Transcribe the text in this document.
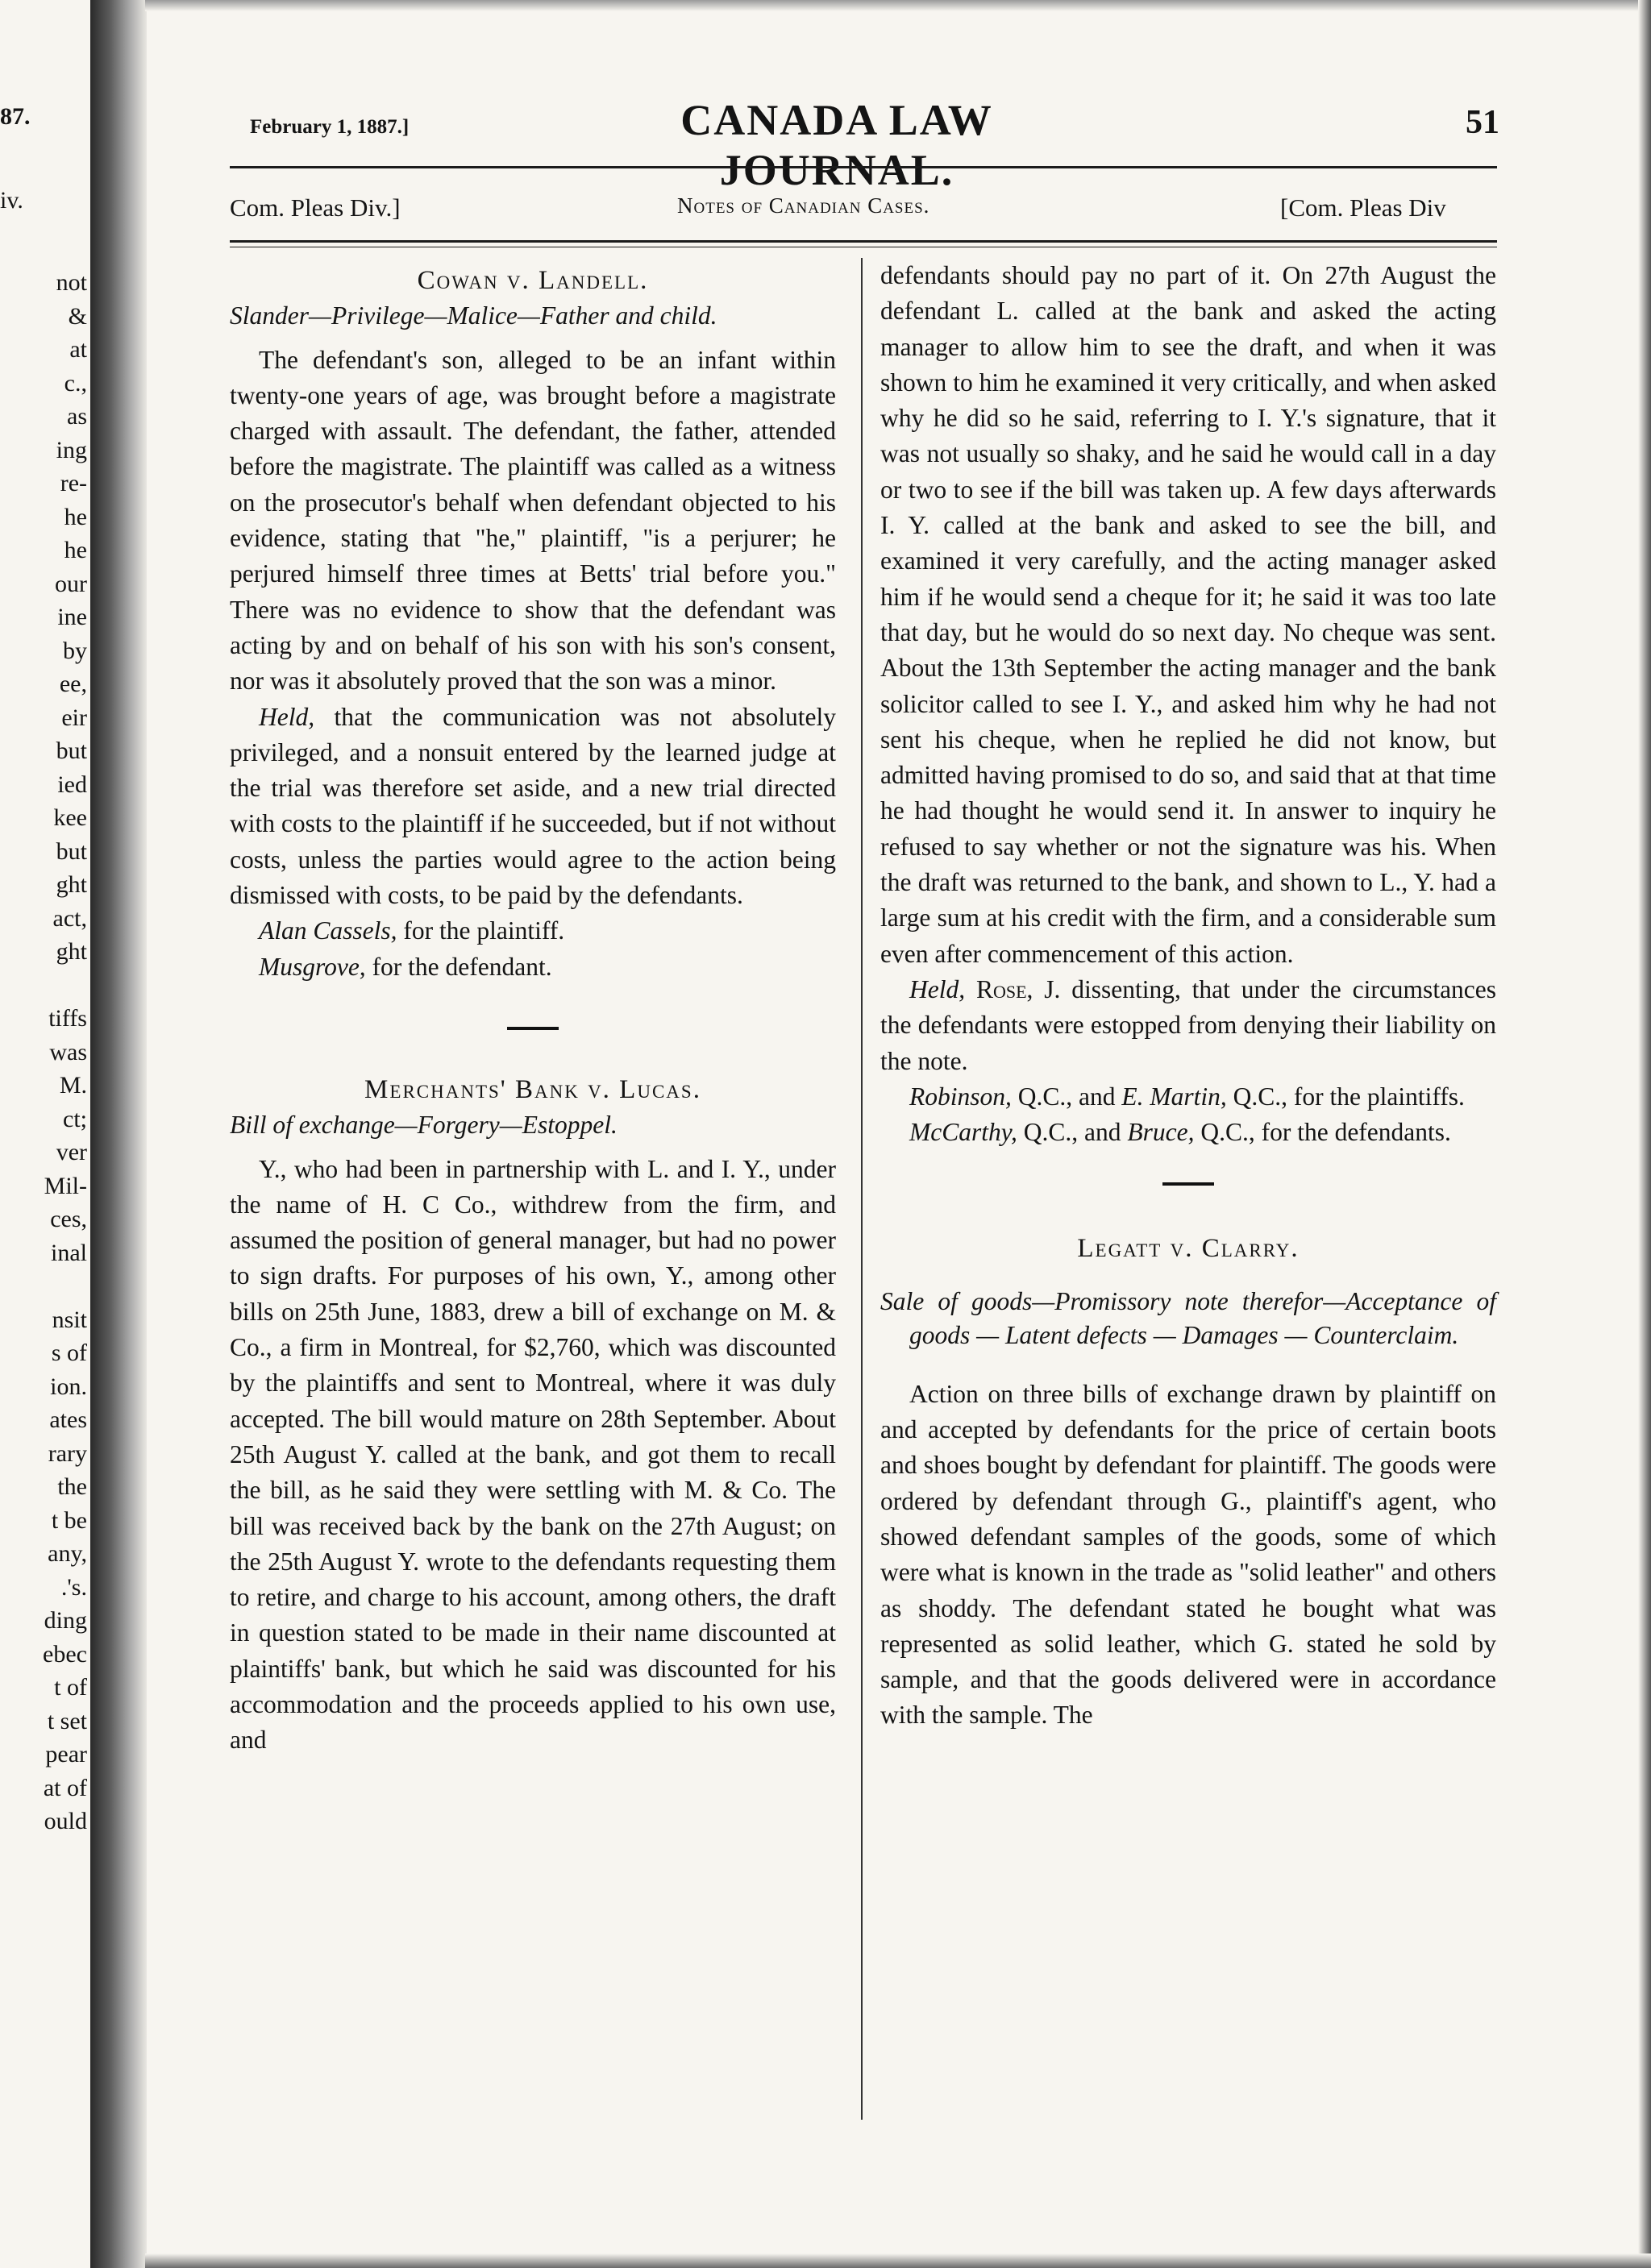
87.
iv.
not
&
at
c.,
as
ing
re-
he
he
our
ine
by
ee,
eir
but
ied
kee
but
ght
act,
ght
tiffs
was
M.
ct;
ver
Mil-
ces,
inal
nsit
s of
ion.
ates
rary
the
t be
any,
.'s.
ding
ebec
t of
t set
pear
at of
ould
February 1, 1887.]	CANADA LAW JOURNAL.
51
Com. Pleas Div.]	Notes of Canadian Cases.	[Com. Pleas Div
Cowan v. Landell.

Slander—Privilege—Malice—Father and child.

The defendant's son, alleged to be an infant within twenty-one years of age, was brought before a magistrate charged with assault. The defendant, the father, attended before the magistrate. The plaintiff was called as a witness on the prosecutor's behalf when defendant objected to his evidence, stating that "he," plaintiff, "is a perjurer; he perjured himself three times at Betts' trial before you." There was no evidence to show that the defendant was acting by and on behalf of his son with his son's consent, nor was it absolutely proved that the son was a minor.

Held, that the communication was not absolutely privileged, and a nonsuit entered by the learned judge at the trial was therefore set aside, and a new trial directed with costs to the plaintiff if he succeeded, but if not without costs, unless the parties would agree to the action being dismissed with costs, to be paid by the defendants.

Alan Cassels, for the plaintiff.

Musgrove, for the defendant.

Merchants' Bank v. Lucas.

Bill of exchange—Forgery—Estoppel.

Y., who had been in partnership with L. and I. Y., under the name of H. C Co., withdrew from the firm, and assumed the position of general manager, but had no power to sign drafts. For purposes of his own, Y., among other bills on 25th June, 1883, drew a bill of exchange on M. & Co., a firm in Montreal, for $2,760, which was discounted by the plaintiffs and sent to Montreal, where it was duly accepted. The bill would mature on 28th September. About 25th August Y. called at the bank, and got them to recall the bill, as he said they were settling with M. & Co. The bill was received back by the bank on the 27th August; on the 25th August Y. wrote to the defendants requesting them to retire, and charge to his account, among others, the draft in question stated to be made in their name discounted at plaintiffs' bank, but which he said was discounted for his accommodation and the proceeds applied to his own use, and

defendants should pay no part of it. On 27th August the defendant L. called at the bank and asked the acting manager to allow him to see the draft, and when it was shown to him he examined it very critically, and when asked why he did so he said, referring to I. Y.'s signature, that it was not usually so shaky, and he said he would call in a day or two to see if the bill was taken up. A few days afterwards I. Y. called at the bank and asked to see the bill, and examined it very carefully, and the acting manager asked him if he would send a cheque for it; he said it was too late that day, but he would do so next day. No cheque was sent. About the 13th September the acting manager and the bank solicitor called to see I. Y., and asked him why he had not sent his cheque, when he replied he did not know, but admitted having promised to do so, and said that at that time he had thought he would send it. In answer to inquiry he refused to say whether or not the signature was his. When the draft was returned to the bank, and shown to L., Y. had a large sum at his credit with the firm, and a considerable sum even after commencement of this action.

Held, Rose, J. dissenting, that under the circumstances the defendants were estopped from denying their liability on the note.

Robinson, Q.C., and E. Martin, Q.C., for the plaintiffs.

McCarthy, Q.C., and Bruce, Q.C., for the defendants.

Legatt v. Clarry.

Sale of goods—Promissory note therefor—Acceptance of goods — Latent defects — Damages — Counterclaim.

Action on three bills of exchange drawn by plaintiff on and accepted by defendants for the price of certain boots and shoes bought by defendant for plaintiff. The goods were ordered by defendant through G., plaintiff's agent, who showed defendant samples of the goods, some of which were what is known in the trade as "solid leather" and others as shoddy. The defendant stated he bought what was represented as solid leather, which G. stated he sold by sample, and that the goods delivered were in accordance with the sample. The
